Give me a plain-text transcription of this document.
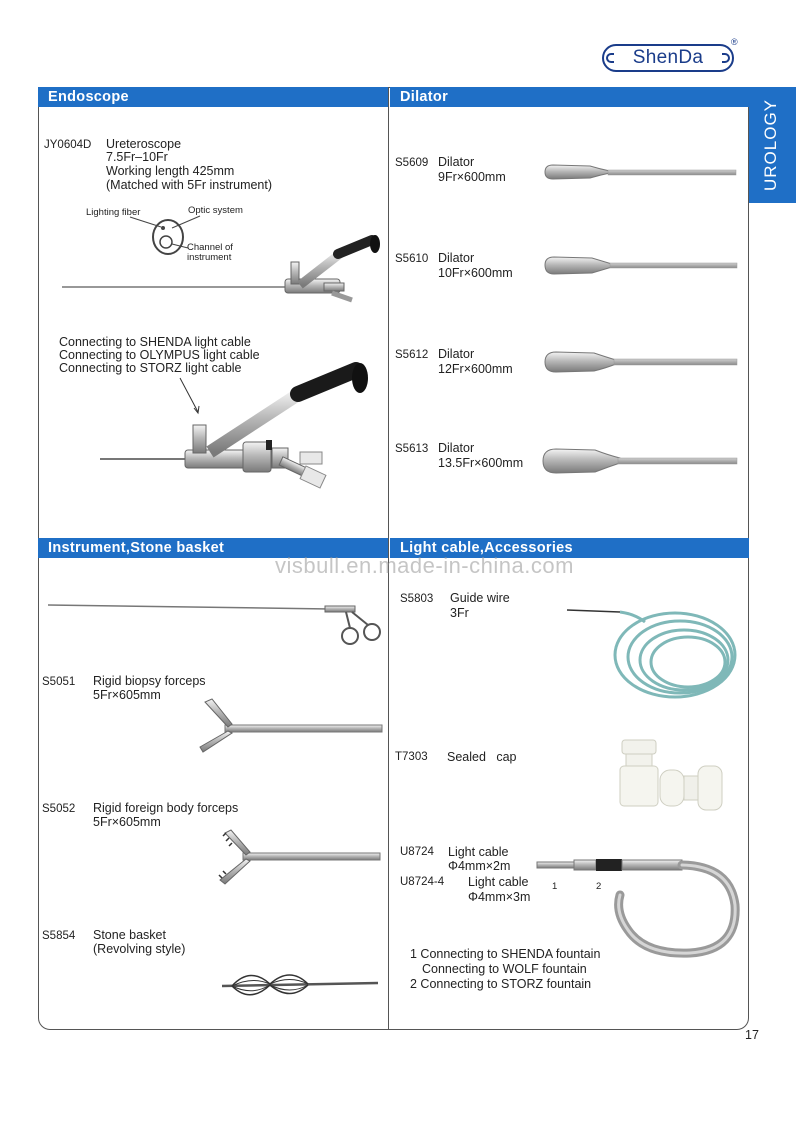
ShenDa
®
Endoscope	Dilator
Instrument,Stone basket	Light cable,Accessories
UROLOGY
JY0604D Ureteroscope
7.5Fr–10Fr
Working length 425mm
(Matched with 5Fr instrument)
Lighting fiber	Optic system
Channel of
instrument
Connecting to SHENDA light cable
Connecting to OLYMPUS light cable
Connecting to STORZ light cable
S5609 Dilator
9Fr×600mm
S5610 Dilator
10Fr×600mm
S5612 Dilator
12Fr×600mm
S5613 Dilator
13.5Fr×600mm
visbull.en.made-in-china.com
S5051 Rigid biopsy forceps
5Fr×605mm
S5052 Rigid foreign body forceps
5Fr×605mm
S5854 Stone basket
(Revolving style)
S5803 Guide wire
3Fr
T7303 Sealed   cap
U8724 Light cable
Φ4mm×2m
U8724-4 Light cable
Φ4mm×3m
1	2
1 Connecting to SHENDA fountain
Connecting to WOLF fountain
2 Connecting to STORZ fountain
17
